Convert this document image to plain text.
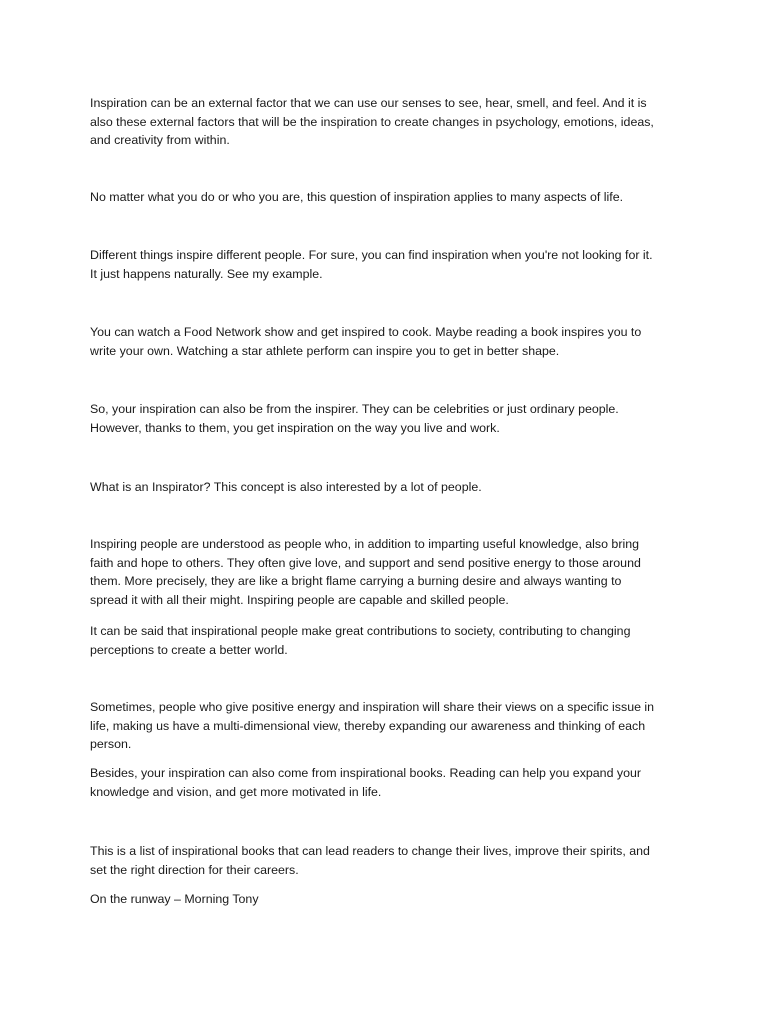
Inspiration can be an external factor that we can use our senses to see, hear, smell, and feel. And it is
also these external factors that will be the inspiration to create changes in psychology, emotions, ideas,
and creativity from within.

No matter what you do or who you are, this question of inspiration applies to many aspects of life.

Different things inspire different people. For sure, you can find inspiration when you're not looking for it.
It just happens naturally. See my example.

You can watch a Food Network show and get inspired to cook. Maybe reading a book inspires you to
write your own. Watching a star athlete perform can inspire you to get in better shape.

So, your inspiration can also be from the inspirer. They can be celebrities or just ordinary people.
However, thanks to them, you get inspiration on the way you live and work.

What is an Inspirator? This concept is also interested by a lot of people.

Inspiring people are understood as people who, in addition to imparting useful knowledge, also bring
faith and hope to others. They often give love, and support and send positive energy to those around
them. More precisely, they are like a bright flame carrying a burning desire and always wanting to
spread it with all their might. Inspiring people are capable and skilled people.

It can be said that inspirational people make great contributions to society, contributing to changing
perceptions to create a better world.

Sometimes, people who give positive energy and inspiration will share their views on a specific issue in
life, making us have a multi-dimensional view, thereby expanding our awareness and thinking of each
person.

Besides, your inspiration can also come from inspirational books. Reading can help you expand your
knowledge and vision, and get more motivated in life.

This is a list of inspirational books that can lead readers to change their lives, improve their spirits, and
set the right direction for their careers.

On the runway – Morning Tony
